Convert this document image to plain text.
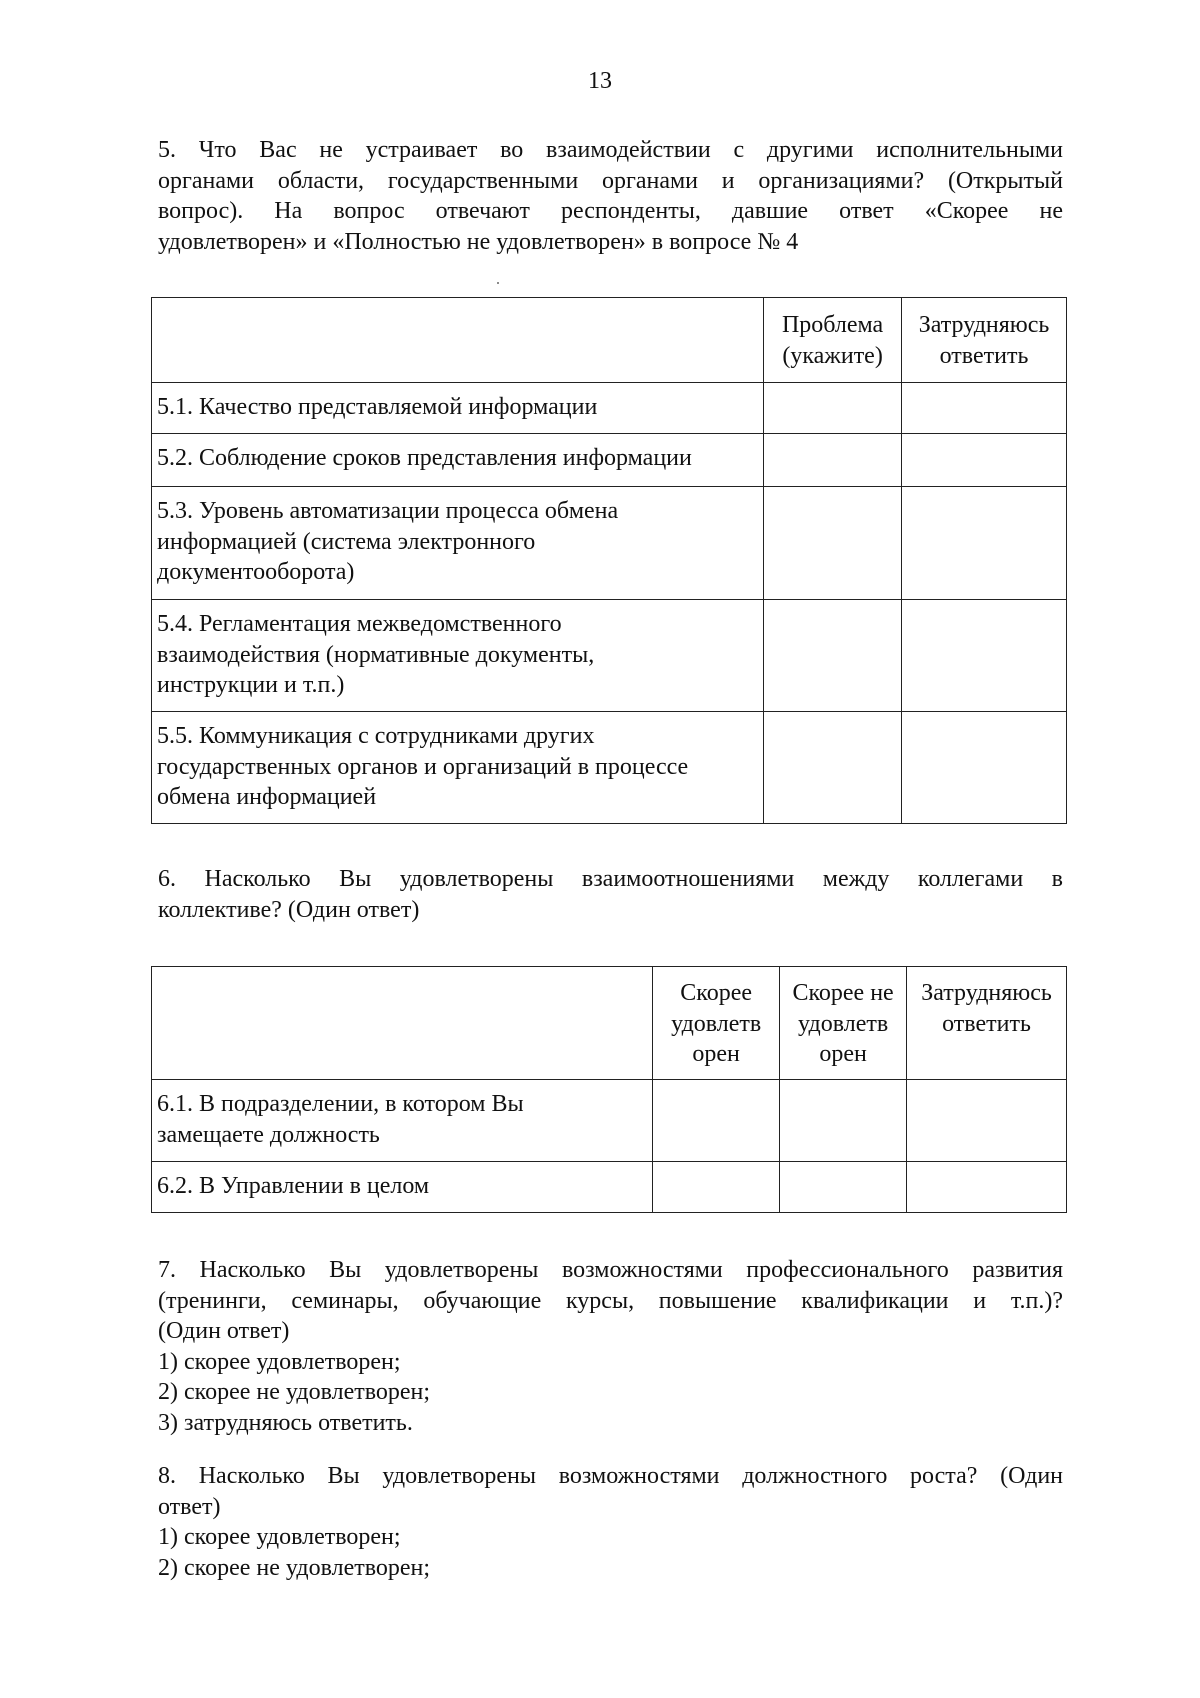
13
5. Что Вас не устраивает во взаимодействии с другими исполнительными
органами области, государственными органами и организациями? (Открытый
вопрос). На вопрос отвечают респонденты, давшие ответ «Скорее не
удовлетворен» и «Полностью не удовлетворен» в вопросе № 4

	Проблема
(укажите)	Затрудняюсь
ответить

5.1. Качество представляемой информации		

5.2. Соблюдение сроков представления информации		

5.3. Уровень автоматизации процесса обмена
информацией (система электронного
документооборота)		

5.4. Регламентация межведомственного
взаимодействия (нормативные документы,
инструкции и т.п.)		

5.5. Коммуникация с сотрудниками других
государственных органов и организаций в процессе
обмена информацией		

6. Насколько Вы удовлетворены взаимоотношениями между коллегами в
коллективе? (Один ответ)

	Скорее
удовлетв
орен	Скорее не
удовлетв
орен	Затрудняюсь
ответить

6.1. В подразделении, в котором Вы
замещаете должность			

6.2. В Управлении в целом			

7. Насколько Вы удовлетворены возможностями профессионального развития
(тренинги, семинары, обучающие курсы, повышение квалификации и т.п.)?
(Один ответ)
1) скорее удовлетворен;
2) скорее не удовлетворен;
3) затрудняюсь ответить.
8. Насколько Вы удовлетворены возможностями должностного роста? (Один
ответ)
1) скорее удовлетворен;
2) скорее не удовлетворен;
